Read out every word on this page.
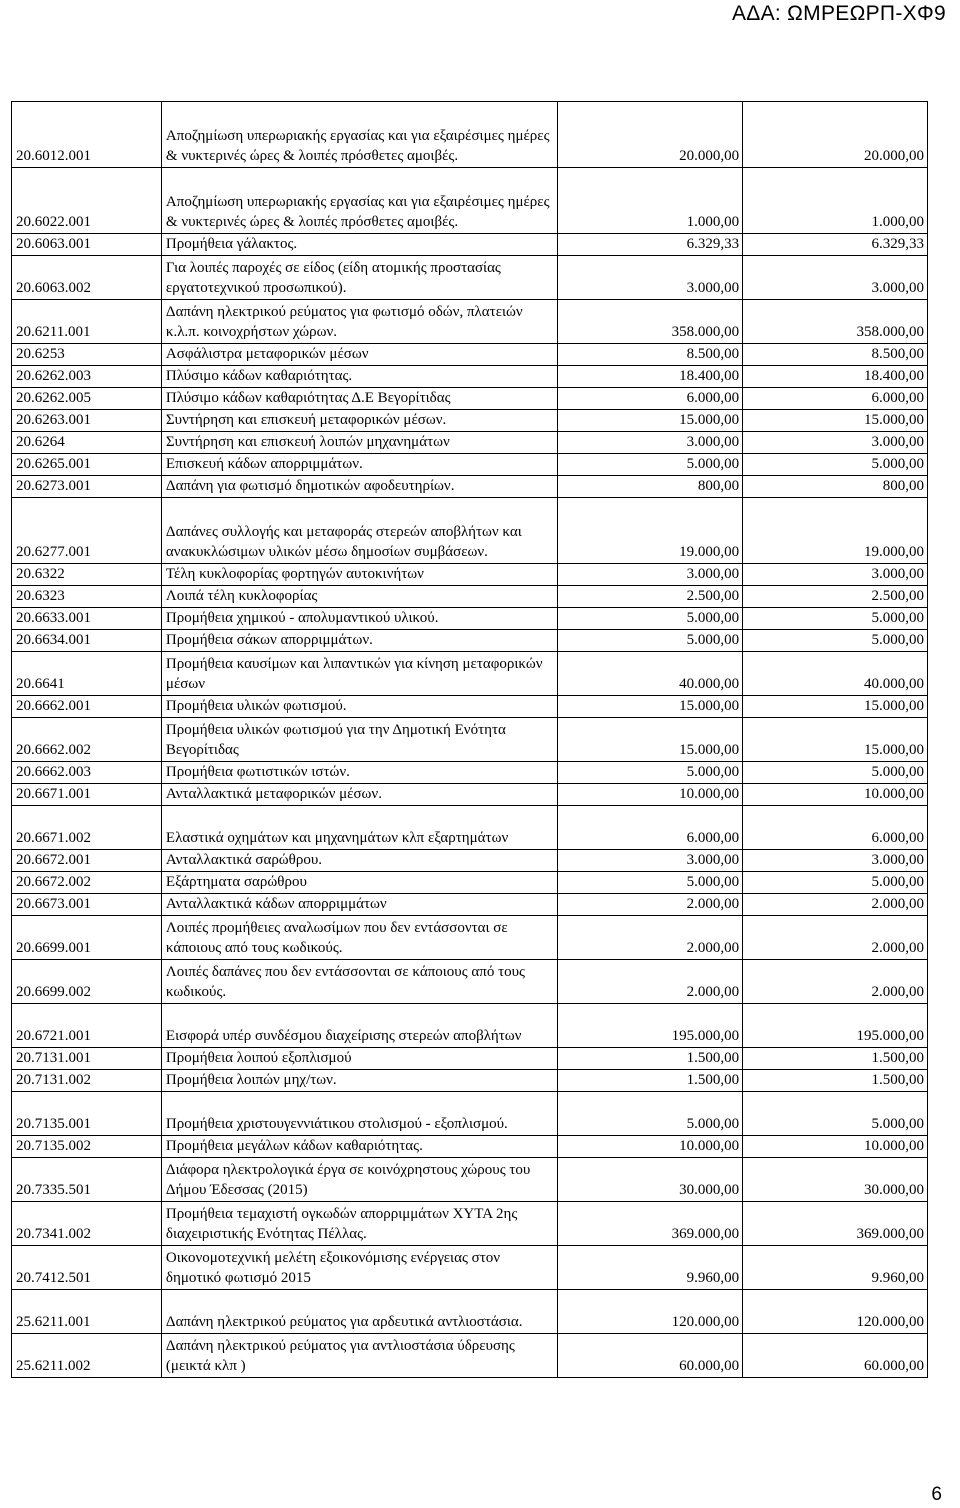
ΑΔΑ: ΩΜΡΕΩΡΠ-ΧΦ9
20.6012.001	Αποζημίωση υπερωριακής εργασίας και για εξαιρέσιμες ημέρες & νυκτερινές ώρες & λοιπές πρόσθετες αμοιβές.	20.000,00	20.000,00
20.6022.001	Αποζημίωση υπερωριακής εργασίας και για εξαιρέσιμες ημέρες & νυκτερινές ώρες & λοιπές πρόσθετες αμοιβές.	1.000,00	1.000,00
20.6063.001	Προμήθεια γάλακτος.	6.329,33	6.329,33
20.6063.002	Για λοιπές παροχές σε είδος (είδη ατομικής προστασίας εργατοτεχνικού προσωπικού).	3.000,00	3.000,00
20.6211.001	Δαπάνη ηλεκτρικού ρεύματος για φωτισμό οδών, πλατειών κ.λ.π. κοινοχρήστων χώρων.	358.000,00	358.000,00
20.6253	Ασφάλιστρα μεταφορικών μέσων	8.500,00	8.500,00
20.6262.003	Πλύσιμο κάδων καθαριότητας.	18.400,00	18.400,00
20.6262.005	Πλύσιμο κάδων καθαριότητας Δ.Ε Βεγορίτιδας	6.000,00	6.000,00
20.6263.001	Συντήρηση και επισκευή μεταφορικών μέσων.	15.000,00	15.000,00
20.6264	Συντήρηση και επισκευή λοιπών μηχανημάτων	3.000,00	3.000,00
20.6265.001	Επισκευή κάδων απορριμμάτων.	5.000,00	5.000,00
20.6273.001	Δαπάνη για φωτισμό δημοτικών αφοδευτηρίων.	800,00	800,00
20.6277.001	Δαπάνες συλλογής και μεταφοράς στερεών αποβλήτων και ανακυκλώσιμων υλικών μέσω δημοσίων συμβάσεων.	19.000,00	19.000,00
20.6322	Τέλη κυκλοφορίας φορτηγών αυτοκινήτων	3.000,00	3.000,00
20.6323	Λοιπά τέλη κυκλοφορίας	2.500,00	2.500,00
20.6633.001	Προμήθεια χημικού - απολυμαντικού υλικού.	5.000,00	5.000,00
20.6634.001	Προμήθεια σάκων απορριμμάτων.	5.000,00	5.000,00
20.6641	Προμήθεια καυσίμων και λιπαντικών για κίνηση μεταφορικών μέσων	40.000,00	40.000,00
20.6662.001	Προμήθεια υλικών φωτισμού.	15.000,00	15.000,00
20.6662.002	Προμήθεια υλικών φωτισμού για την Δημοτική Ενότητα Βεγορίτιδας	15.000,00	15.000,00
20.6662.003	Προμήθεια φωτιστικών ιστών.	5.000,00	5.000,00
20.6671.001	Ανταλλακτικά μεταφορικών μέσων.	10.000,00	10.000,00
20.6671.002	Ελαστικά οχημάτων και μηχανημάτων κλπ εξαρτημάτων	6.000,00	6.000,00
20.6672.001	Ανταλλακτικά σαρώθρου.	3.000,00	3.000,00
20.6672.002	Εξάρτηματα σαρώθρου	5.000,00	5.000,00
20.6673.001	Ανταλλακτικά κάδων απορριμμάτων	2.000,00	2.000,00
20.6699.001	Λοιπές προμήθειες αναλωσίμων που δεν εντάσσονται σε κάποιους από τους κωδικούς.	2.000,00	2.000,00
20.6699.002	Λοιπές δαπάνες που δεν εντάσσονται σε κάποιους από τους κωδικούς.	2.000,00	2.000,00
20.6721.001	Εισφορά υπέρ συνδέσμου διαχείρισης στερεών αποβλήτων	195.000,00	195.000,00
20.7131.001	Προμήθεια λοιπού εξοπλισμού	1.500,00	1.500,00
20.7131.002	Προμήθεια λοιπών μηχ/των.	1.500,00	1.500,00
20.7135.001	Προμήθεια χριστουγεννιάτικου στολισμού - εξοπλισμού.	5.000,00	5.000,00
20.7135.002	Προμήθεια μεγάλων κάδων καθαριότητας.	10.000,00	10.000,00
20.7335.501	Διάφορα ηλεκτρολογικά έργα σε κοινόχρηστους χώρους του Δήμου Έδεσσας (2015)	30.000,00	30.000,00
20.7341.002	Προμήθεια τεμαχιστή ογκωδών απορριμμάτων ΧΥΤΑ 2ης διαχειριστικής Ενότητας Πέλλας.	369.000,00	369.000,00
20.7412.501	Οικονομοτεχνική μελέτη εξοικονόμισης ενέργειας στον δημοτικό φωτισμό 2015	9.960,00	9.960,00
25.6211.001	Δαπάνη ηλεκτρικού ρεύματος για αρδευτικά αντλιοστάσια.	120.000,00	120.000,00
25.6211.002	Δαπάνη ηλεκτρικού ρεύματος για αντλιοστάσια ύδρευσης (μεικτά κλπ )	60.000,00	60.000,00
6
